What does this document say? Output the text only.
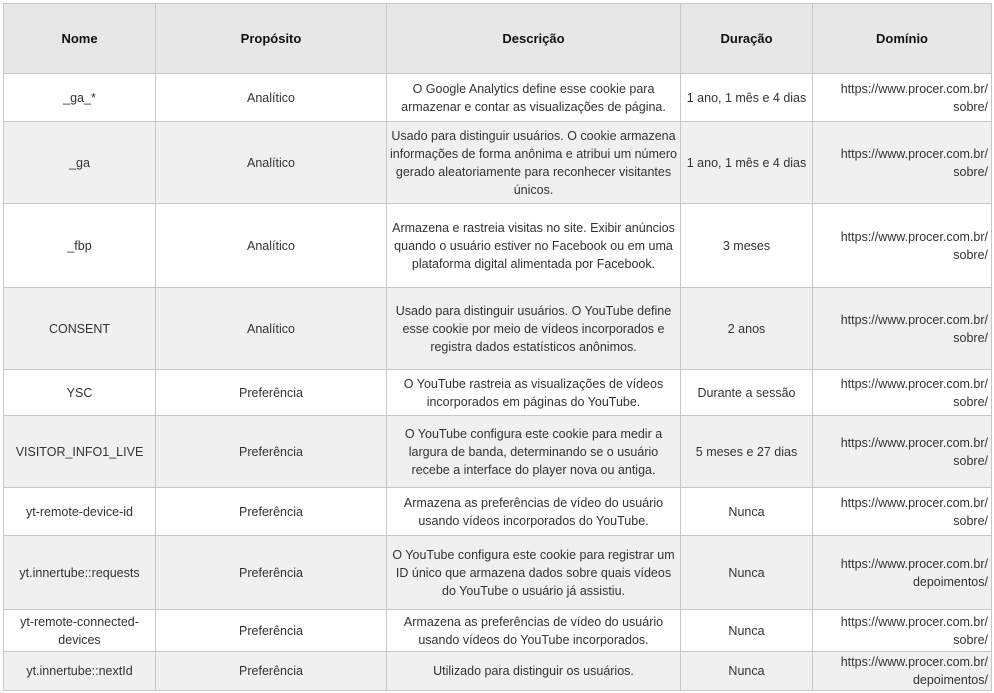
Nome	Propósito	Descrição	Duração	Domínio
_ga_*	Analítico	O Google Analytics define esse cookie para armazenar e contar as visualizações de página.	1 ano, 1 mês e 4 dias	https://www.procer.com.br/ sobre/
_ga	Analítico	Usado para distinguir usuários. O cookie armazena informações de forma anônima e atribui um número gerado aleatoriamente para reconhecer visitantes únicos.	1 ano, 1 mês e 4 dias	https://www.procer.com.br/ sobre/
_fbp	Analítico	Armazena e rastreia visitas no site. Exibir anúncios quando o usuário estiver no Facebook ou em uma plataforma digital alimentada por Facebook.	3 meses	https://www.procer.com.br/ sobre/
CONSENT	Analítico	Usado para distinguir usuários. O YouTube define esse cookie por meio de vídeos incorporados e registra dados estatísticos anônimos.	2 anos	https://www.procer.com.br/ sobre/
YSC	Preferência	O YouTube rastreia as visualizações de vídeos incorporados em páginas do YouTube.	Durante a sessão	https://www.procer.com.br/ sobre/
VISITOR_INFO1_LIVE	Preferência	O YouTube configura este cookie para medir a largura de banda, determinando se o usuário recebe a interface do player nova ou antiga.	5 meses e 27 dias	https://www.procer.com.br/ sobre/
yt-remote-device-id	Preferência	Armazena as preferências de vídeo do usuário usando vídeos incorporados do YouTube.	Nunca	https://www.procer.com.br/ sobre/
yt.innertube::requests	Preferência	O YouTube configura este cookie para registrar um ID único que armazena dados sobre quais vídeos do YouTube o usuário já assistiu.	Nunca	https://www.procer.com.br/ depoimentos/
yt-remote-connected-devices	Preferência	Armazena as preferências de vídeo do usuário usando vídeos do YouTube incorporados.	Nunca	https://www.procer.com.br/ sobre/
yt.innertube::nextId	Preferência	Utilizado para distinguir os usuários.	Nunca	https://www.procer.com.br/ depoimentos/
